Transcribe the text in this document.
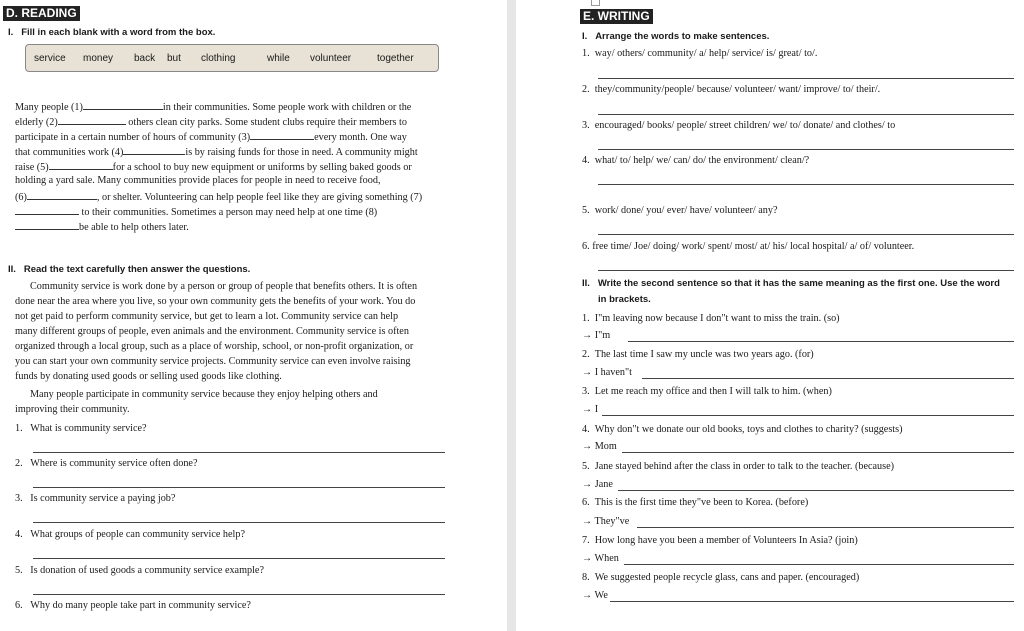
D. READING
I.   Fill in each blank with a word from the box.
service money back but clothing	while volunteer	together
Many people (1)	in their communities. Some people work with children or the
elderly (2)	others clean city parks. Some student clubs require their members to
participate in a certain number of hours of community (3)	every month. One way
that communities work (4)	is by raising funds for those in need. A community might
raise (5)	for a school to buy new equipment or uniforms by selling baked goods or
holding a yard sale. Many communities provide places for people in need to receive food,
(6)	, or shelter. Volunteering can help people feel like they are giving something (7)
to their communities. Sometimes a person may need help at one time (8)
be able to help others later.
II.   Read the text carefully then answer the questions.
Community service is work done by a person or group of people that benefits others. It is often
done near the area where you live, so your own community gets the benefits of your work. You do
not get paid to perform community service, but get to learn a lot. Community service can help
many different groups of people, even animals and the environment. Community service is often
organized through a local group, such as a place of worship, school, or non-profit organization, or
you can start your own community service projects. Community service can even involve raising
funds by donating used goods or selling used goods like clothing.
Many people participate in community service because they enjoy helping others and
improving their community.
1. What is community service?
2. Where is community service often done?
3. Is community service a paying job?
4. What groups of people can community service help?
5. Is donation of used goods a community service example?
6. Why do many people take part in community service?
E. WRITING
I.   Arrange the words to make sentences.
1. way/ others/ community/ a/ help/ service/ is/ great/ to/.
2. they/community/people/ because/ volunteer/ want/ improve/ to/ their/.
3. encouraged/ books/ people/ street children/ we/ to/ donate/ and clothes/ to
4. what/ to/ help/ we/ can/ do/ the environment/ clean/?
5. work/ done/ you/ ever/ have/ volunteer/ any?
6. free time/ Joe/ doing/ work/ spent/ most/ at/ his/ local hospital/ a/ of/ volunteer.
II.   Write the second sentence so that it has the same meaning as the first one. Use the word
in brackets.
1. I"m leaving now because I don"t want to miss the train. (so)
→ I"m
2. The last time I saw my uncle was two years ago. (for)
→ I haven"t
3. Let me reach my office and then I will talk to him. (when)
→ I
4. Why don"t we donate our old books, toys and clothes to charity? (suggests)
→ Mom
5. Jane stayed behind after the class in order to talk to the teacher. (because)
→ Jane
6. This is the first time they"ve been to Korea. (before)
→ They"ve
7. How long have you been a member of Volunteers In Asia? (join)
→ When
8. We suggested people recycle glass, cans and paper. (encouraged)
→ We
